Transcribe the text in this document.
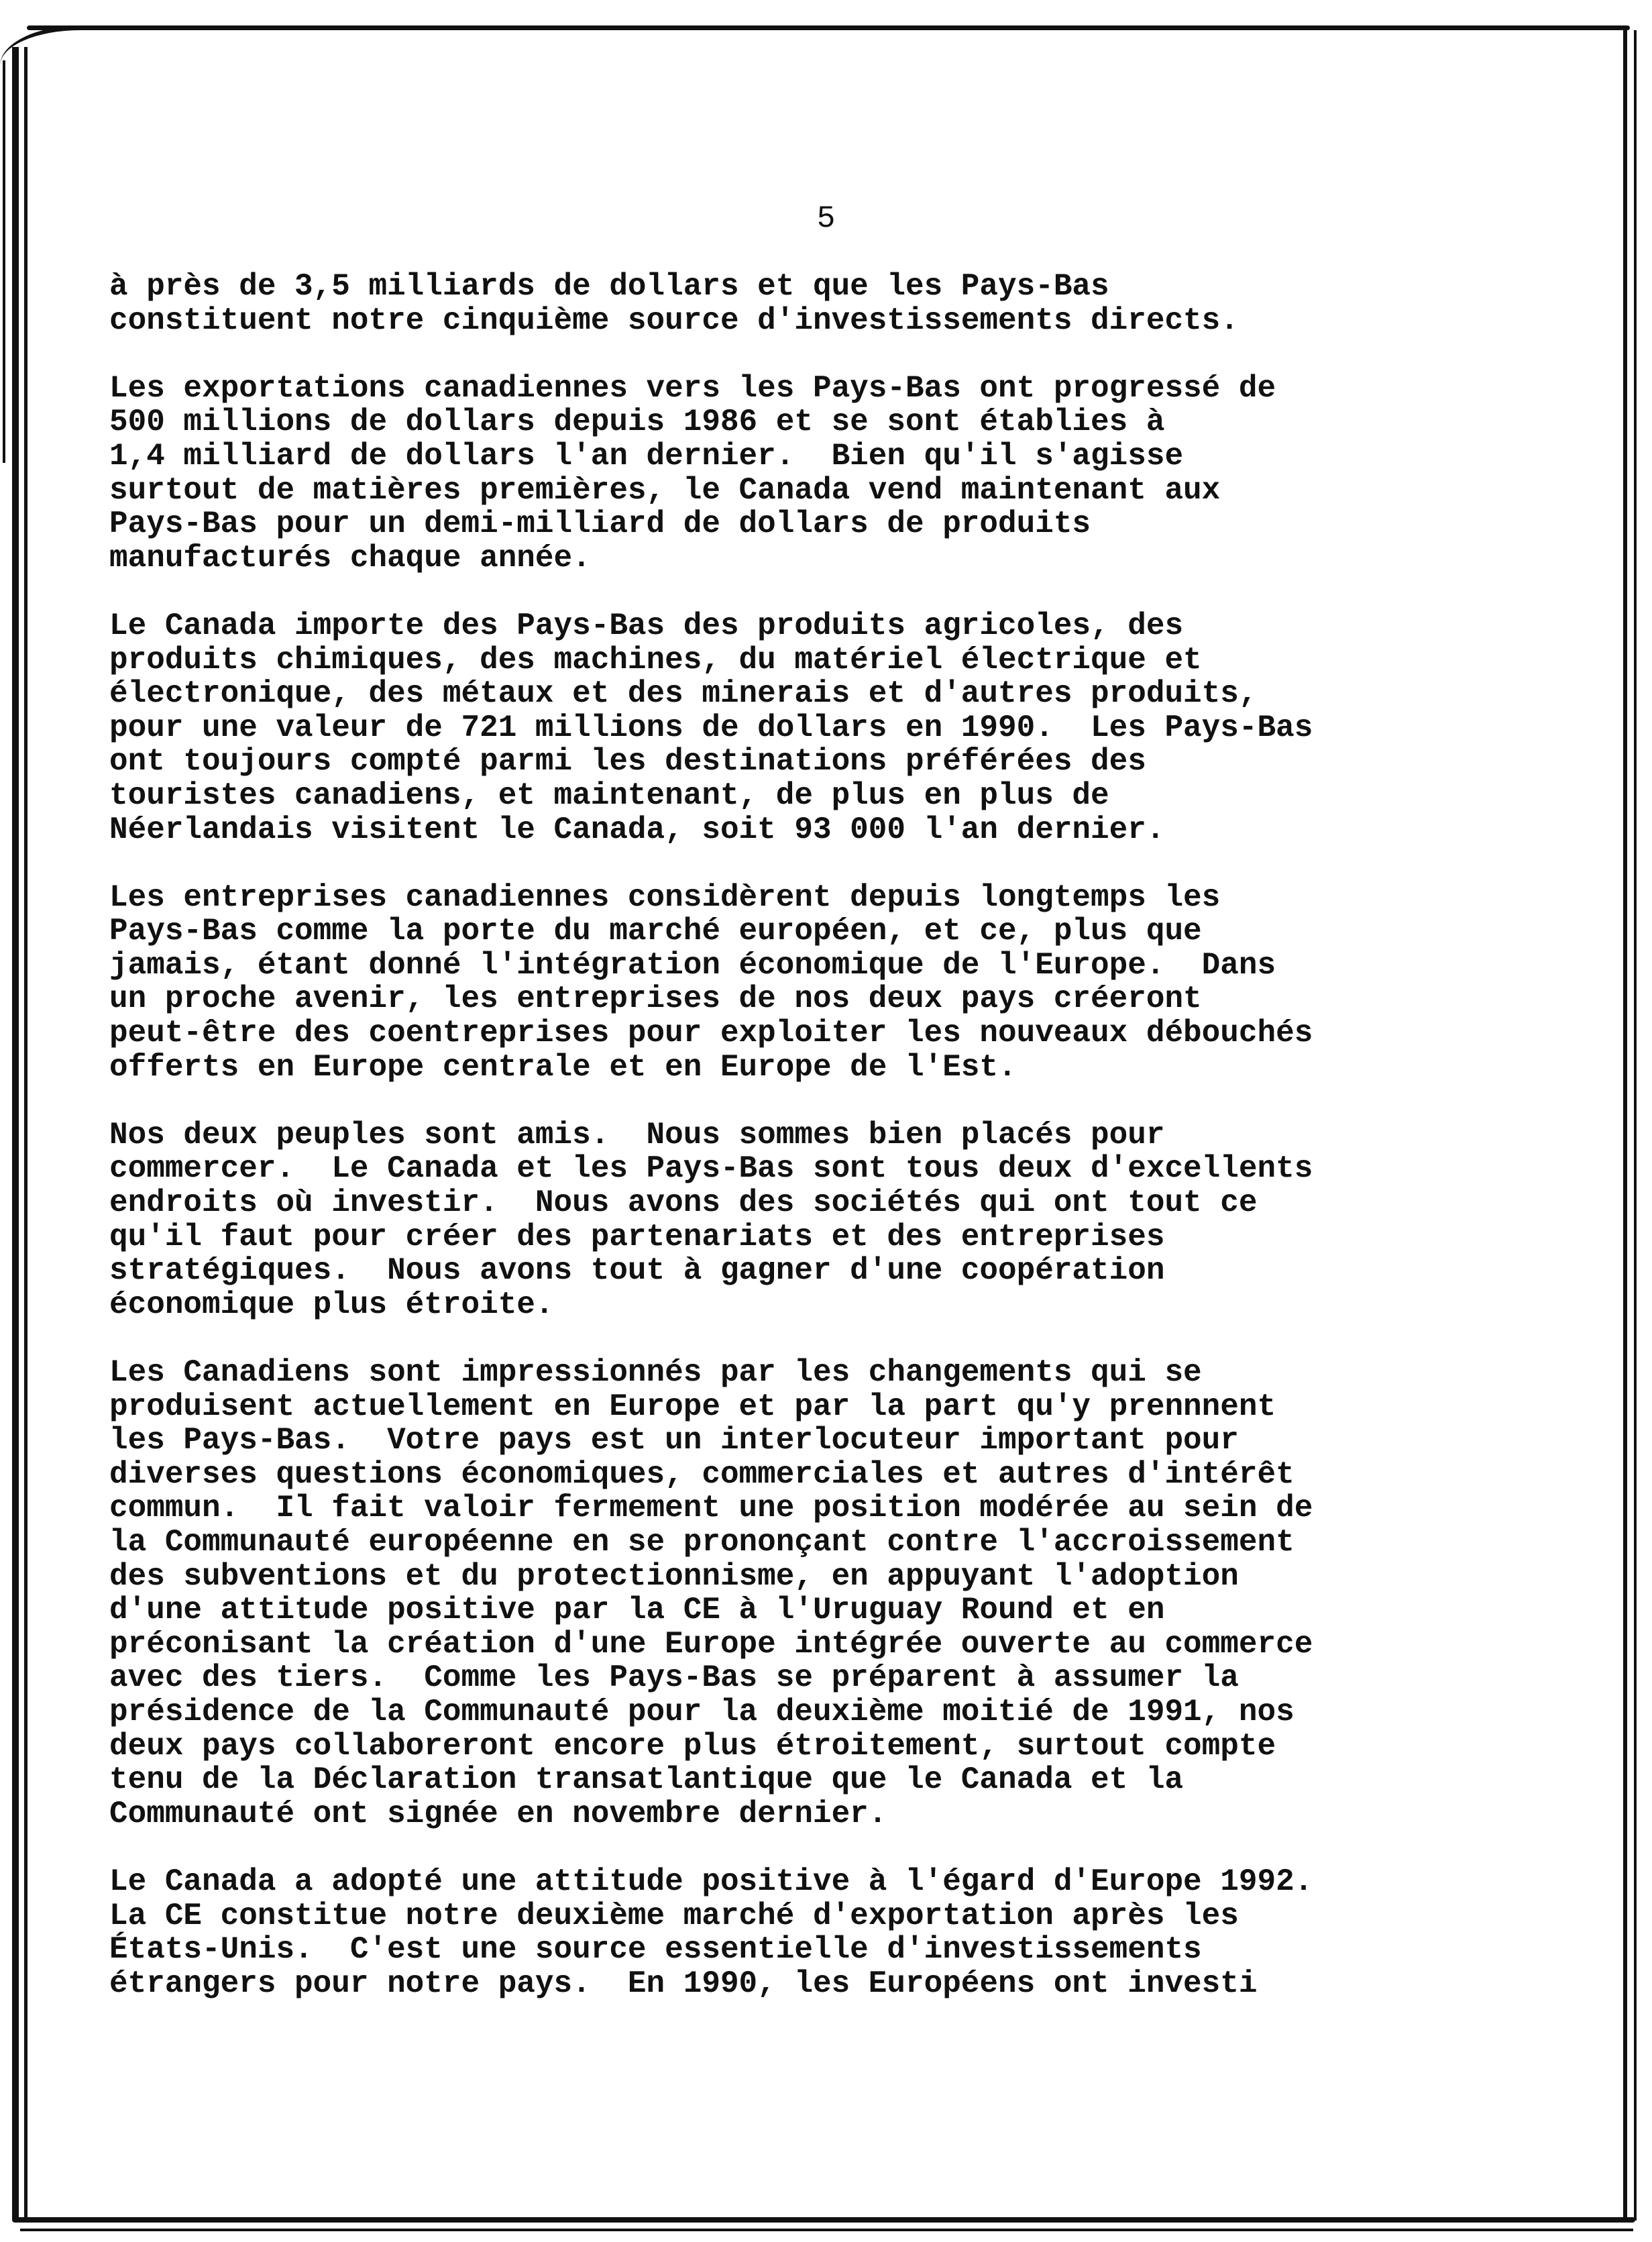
5
à près de 3,5 milliards de dollars et que les Pays-Bas
constituent notre cinquième source d'investissements directs.
Les exportations canadiennes vers les Pays-Bas ont progressé de
500 millions de dollars depuis 1986 et se sont établies à
1,4 milliard de dollars l'an dernier.  Bien qu'il s'agisse
surtout de matières premières, le Canada vend maintenant aux
Pays-Bas pour un demi-milliard de dollars de produits
manufacturés chaque année.
Le Canada importe des Pays-Bas des produits agricoles, des
produits chimiques, des machines, du matériel électrique et
électronique, des métaux et des minerais et d'autres produits,
pour une valeur de 721 millions de dollars en 1990.  Les Pays-Bas
ont toujours compté parmi les destinations préférées des
touristes canadiens, et maintenant, de plus en plus de
Néerlandais visitent le Canada, soit 93 000 l'an dernier.
Les entreprises canadiennes considèrent depuis longtemps les
Pays-Bas comme la porte du marché européen, et ce, plus que
jamais, étant donné l'intégration économique de l'Europe.  Dans
un proche avenir, les entreprises de nos deux pays créeront
peut-être des coentreprises pour exploiter les nouveaux débouchés
offerts en Europe centrale et en Europe de l'Est.
Nos deux peuples sont amis.  Nous sommes bien placés pour
commercer.  Le Canada et les Pays-Bas sont tous deux d'excellents
endroits où investir.  Nous avons des sociétés qui ont tout ce
qu'il faut pour créer des partenariats et des entreprises
stratégiques.  Nous avons tout à gagner d'une coopération
économique plus étroite.
Les Canadiens sont impressionnés par les changements qui se
produisent actuellement en Europe et par la part qu'y prennnent
les Pays-Bas.  Votre pays est un interlocuteur important pour
diverses questions économiques, commerciales et autres d'intérêt
commun.  Il fait valoir fermement une position modérée au sein de
la Communauté européenne en se prononçant contre l'accroissement
des subventions et du protectionnisme, en appuyant l'adoption
d'une attitude positive par la CE à l'Uruguay Round et en
préconisant la création d'une Europe intégrée ouverte au commerce
avec des tiers.  Comme les Pays-Bas se préparent à assumer la
présidence de la Communauté pour la deuxième moitié de 1991, nos
deux pays collaboreront encore plus étroitement, surtout compte
tenu de la Déclaration transatlantique que le Canada et la
Communauté ont signée en novembre dernier.
Le Canada a adopté une attitude positive à l'égard d'Europe 1992.
La CE constitue notre deuxième marché d'exportation après les
États-Unis.  C'est une source essentielle d'investissements
étrangers pour notre pays.  En 1990, les Européens ont investi
